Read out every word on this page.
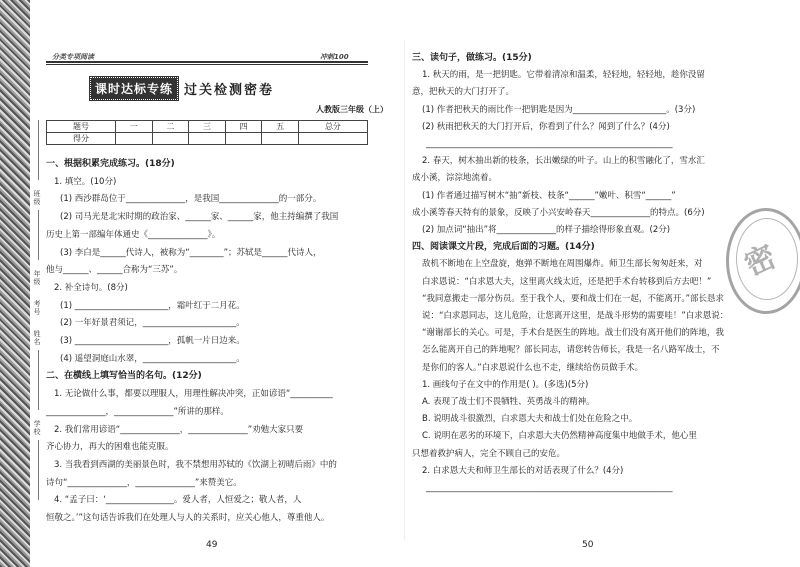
班级
年级
考号
姓名
学校
分类专项阅读	冲刺100
课时达标专练 过关检测密卷
人教版三年级（上）
题号	一	二	三	四	五	总分
得分						
一、根据积累完成练习。(18分)
1. 填空。(10分)
(1) 西沙群岛位于______________，是我国______________的一部分。
(2) 司马光是北宋时期的政治家、______家、______家，他主持编撰了我国
历史上第一部编年体通史《______________》。
(3) 李白是______代诗人，被称为“________”；苏轼是______代诗人，
他与______、______合称为“三苏”。
2. 补全诗句。(8分)
(1) ______________________，霜叶红于二月花。
(2) 一年好景君须记，______________________。
(3) ______________________，孤帆一片日边来。
(4) 遥望洞庭山水翠，______________________。
二、在横线上填写恰当的名句。(12分)
1. 无论做什么事，都要以理服人，用理性解决冲突，正如谚语“__________
______________，______________”所讲的那样。
2. 我们常用谚语“______________，______________”劝勉大家只要
齐心协力，再大的困难也能克服。
3. 当我看到西湖的美丽景色时，我不禁想用苏轼的《饮湖上初晴后雨》中的
诗句“______________，______________”来赞美它。
4. “孟子曰：‘________________。爱人者，人恒爱之；敬人者，人
恒敬之。’”这句话告诉我们在处理人与人的关系时，应关心他人，尊重他人。
49
三、读句子，做练习。(15分)
1. 秋天的雨，是一把钥匙。它带着清凉和温柔，轻轻地，轻轻地，趁你没留
意，把秋天的大门打开了。
(1) 作者把秋天的雨比作一把钥匙是因为______________________。(3分)
(2) 秋雨把秋天的大门打开后，你看到了什么？闻到了什么？(4分)
__________________________________________________________
2. 春天，树木抽出新的枝条，长出嫩绿的叶子。山上的积雪融化了，雪水汇
成小溪，淙淙地流着。
(1) 作者通过描写树木“抽”新枝、枝条“______”嫩叶、积雪“______”
成小溪等春天特有的景象，反映了小兴安岭春天______________的特点。(6分)
(2) 加点词“抽出”将______________的样子描绘得形象直观。(2分)
四、阅读课文片段，完成后面的习题。(14分)
敌机不断地在上空盘旋，炮弹不断地在周围爆炸。师卫生部长匆匆赶来，对
白求恩说：“白求恩大夫，这里离火线太近，还是把手术台转移到后方去吧！”
“我同意搬走一部分伤员。至于我个人，要和战士们在一起，不能离开。”部长恳求
说：“白求恩同志，这儿危险，让您离开这里，是战斗形势的需要哇！”白求恩说：
“谢谢部长的关心。可是，手术台是医生的阵地。战士们没有离开他们的阵地，我
怎么能离开自己的阵地呢？部长同志，请您转告师长，我是一名八路军战士，不
是你们的客人。”白求恩说什么也不走，继续给伤员做手术。
1. 画线句子在文中的作用是( )。(多选)(5分)
A. 表现了战士们不畏牺牲、英勇战斗的精神。
B. 说明战斗很激烈，白求恩大夫和战士们处在危险之中。
C. 说明在恶劣的环境下，白求恩大夫仍然精神高度集中地做手术，他心里
只想着救护病人，完全不顾自己的安危。
2. 白求恩大夫和师卫生部长的对话表现了什么？(4分)
__________________________________________________________
50
密
